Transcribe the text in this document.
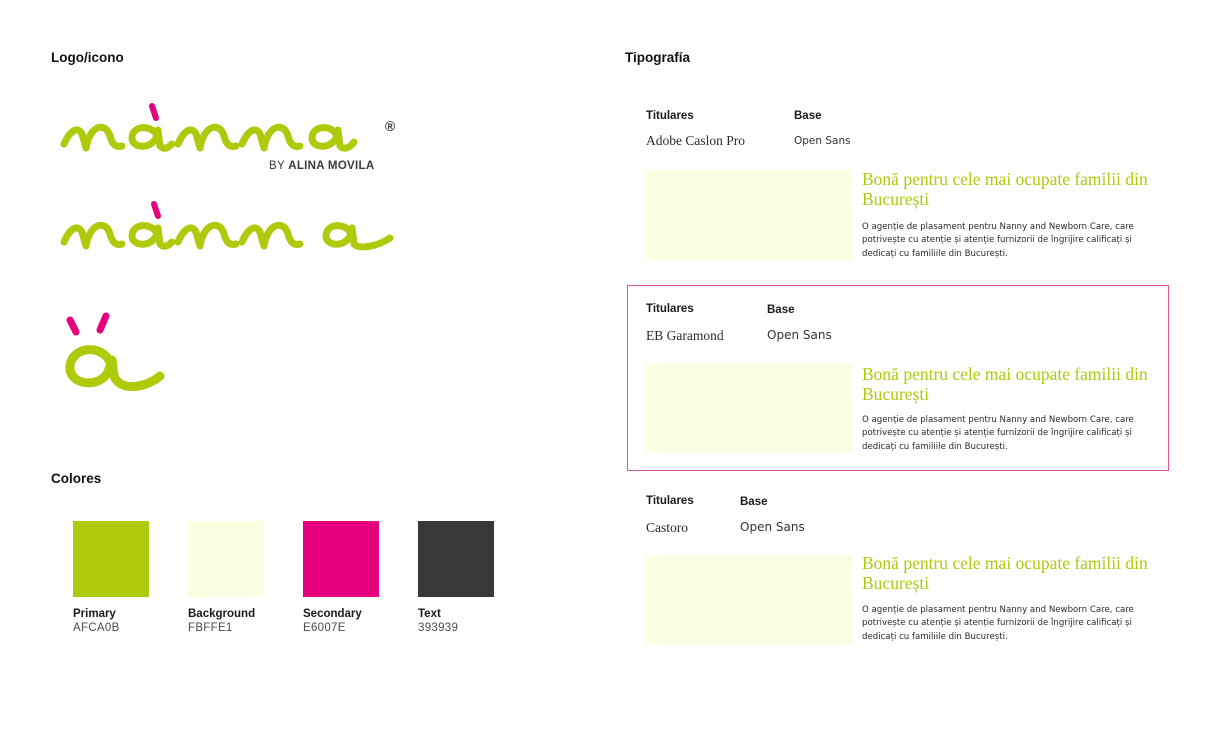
Logo/icono
Colores
Tipografía
®
BY ALINA MOVILA
Primary
AFCA0B
Background
FBFFE1
Secondary
E6007E
Text
393939
Titulares	Base
Adobe Caslon Pro	Open Sans
Bonă pentru cele mai ocupate familii din București
O agenție de plasament pentru Nanny and Newborn Care, care potrivește cu atenție și atenție furnizorii de îngrijire calificați și dedicați cu familiile din București.
Titulares	Base
EB Garamond	Open Sans
Bonă pentru cele mai ocupate familii din București
O agenție de plasament pentru Nanny and Newborn Care, care potrivește cu atenție și atenție furnizorii de îngrijire calificați și dedicați cu familiile din București.
Titulares	Base
Castoro	Open Sans
Bonă pentru cele mai ocupate familii din București
O agenție de plasament pentru Nanny and Newborn Care, care potrivește cu atenție și atenție furnizorii de îngrijire calificați și dedicați cu familiile din București.
